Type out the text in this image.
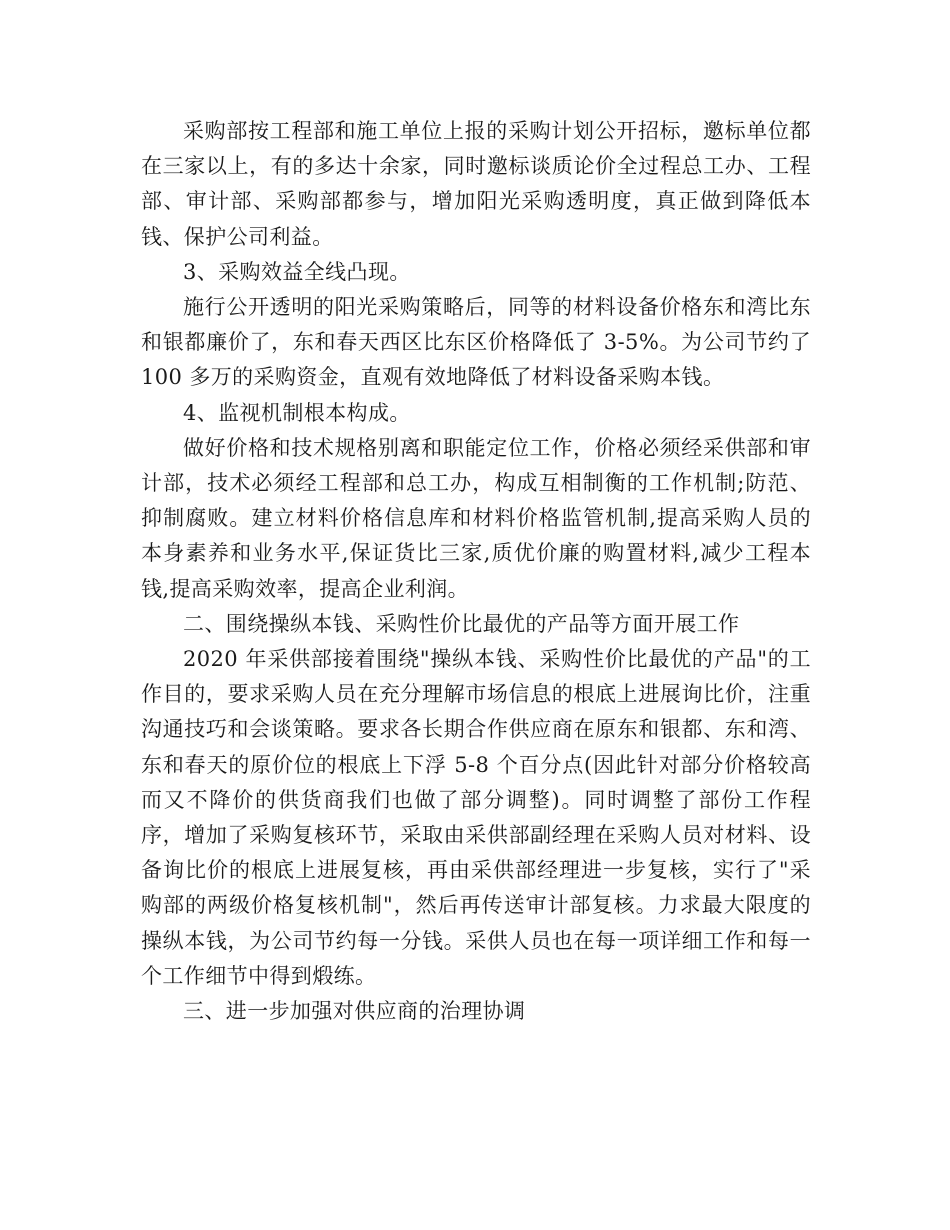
采购部按工程部和施工单位上报的采购计划公开招标，邀标单位都在三家以上，有的多达十余家，同时邀标谈质论价全过程总工办、工程部、审计部、采购部都参与，增加阳光采购透明度，真正做到降低本钱、保护公司利益。

3、采购效益全线凸现。

施行公开透明的阳光采购策略后，同等的材料设备价格东和湾比东和银都廉价了，东和春天西区比东区价格降低了 3-5%。为公司节约了 100 多万的采购资金，直观有效地降低了材料设备采购本钱。

4、监视机制根本构成。

做好价格和技术规格别离和职能定位工作，价格必须经采供部和审计部，技术必须经工程部和总工办，构成互相制衡的工作机制;防范、抑制腐败。建立材料价格信息库和材料价格监管机制,提高采购人员的本身素养和业务水平,保证货比三家,质优价廉的购置材料,减少工程本钱,提高采购效率，提高企业利润。

二、围绕操纵本钱、采购性价比最优的产品等方面开展工作

2020 年采供部接着围绕"操纵本钱、采购性价比最优的产品"的工作目的，要求采购人员在充分理解市场信息的根底上进展询比价，注重沟通技巧和会谈策略。要求各长期合作供应商在原东和银都、东和湾、东和春天的原价位的根底上下浮 5-8 个百分点(因此针对部分价格较高而又不降价的供货商我们也做了部分调整)。同时调整了部份工作程序，增加了采购复核环节，采取由采供部副经理在采购人员对材料、设备询比价的根底上进展复核，再由采供部经理进一步复核，实行了"采购部的两级价格复核机制"，然后再传送审计部复核。力求最大限度的操纵本钱，为公司节约每一分钱。采供人员也在每一项详细工作和每一个工作细节中得到煅练。

三、进一步加强对供应商的治理协调
